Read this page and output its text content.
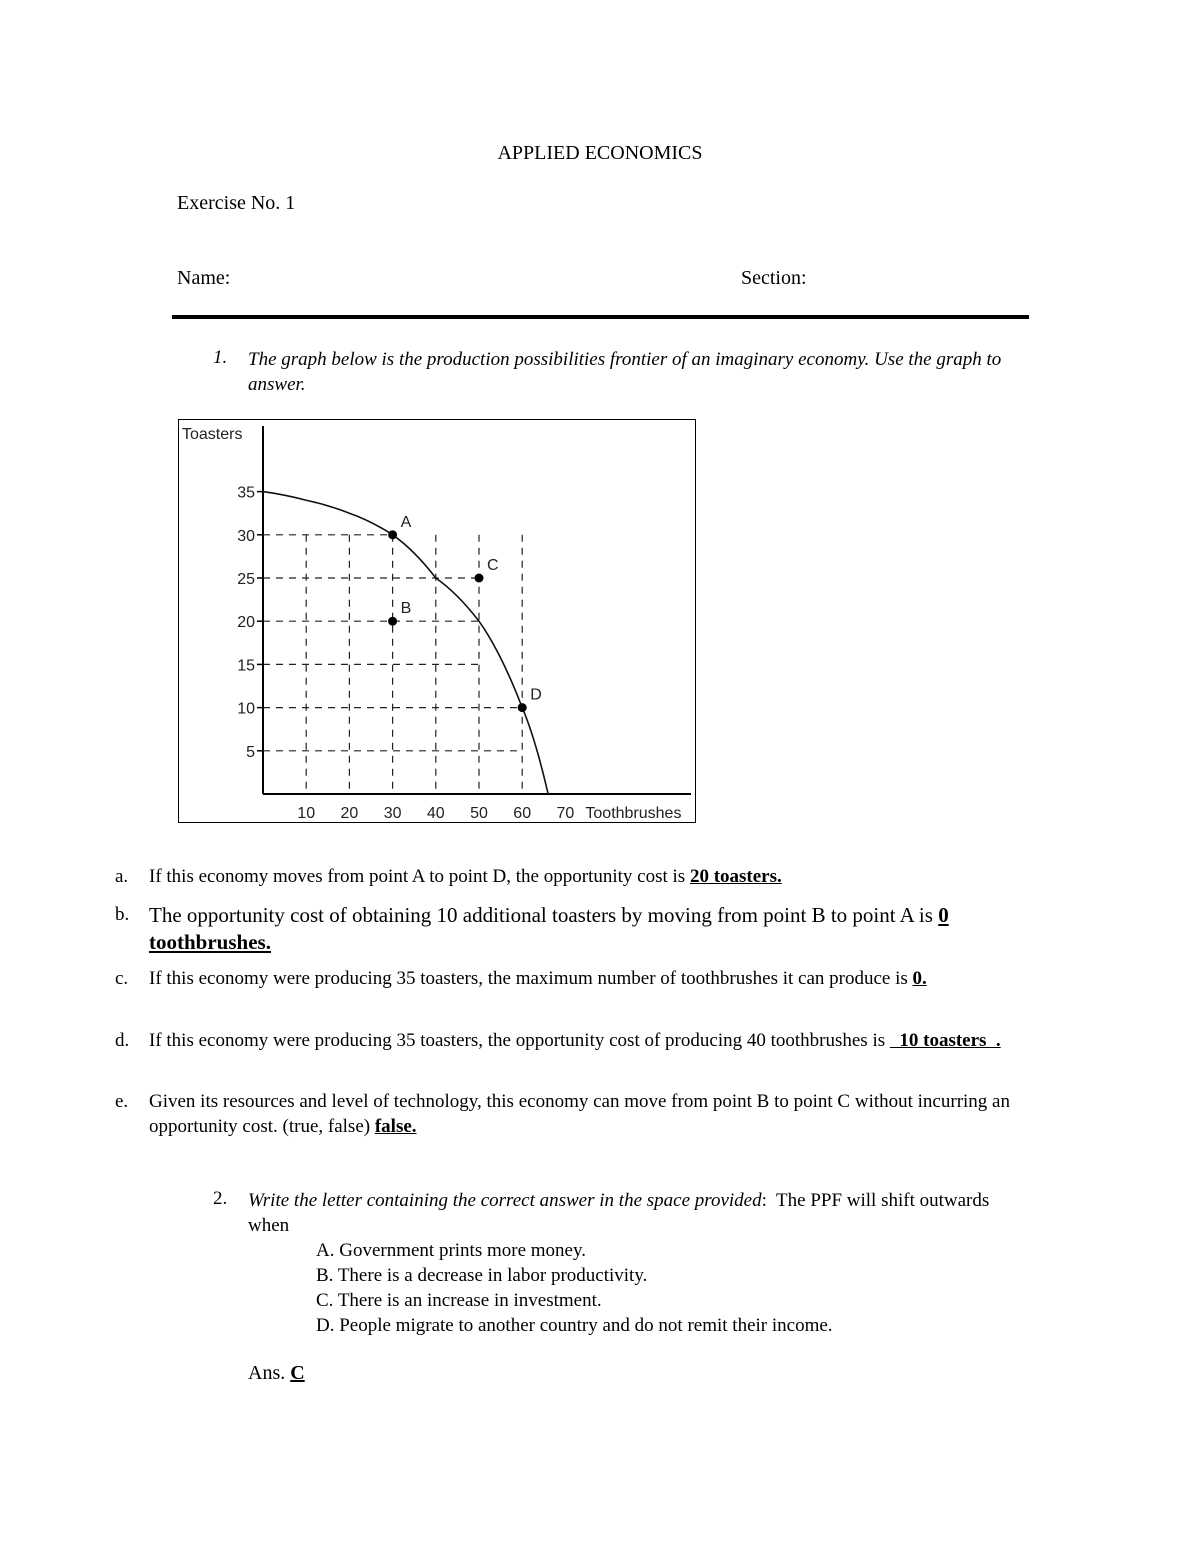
APPLIED ECONOMICS
Exercise No. 1
Name:	Section:
1. The graph below is the production possibilities frontier of an imaginary economy. Use the graph to answer.
5
10
15
20
25
30
35
10 20 30 40 50 60 70
Toasters
Toothbrushes
A
B
C
D
a. If this economy moves from point A to point D, the opportunity cost is 20 toasters.
b. The opportunity cost of obtaining 10 additional toasters by moving from point B to point A is 0 toothbrushes.
c. If this economy were producing 35 toasters, the maximum number of toothbrushes it can produce is 0.
d. If this economy were producing 35 toasters, the opportunity cost of producing 40 toothbrushes is   10 toasters  .
e. Given its resources and level of technology, this economy can move from point B to point C without incurring an opportunity cost. (true, false) false.
2. Write the letter containing the correct answer in the space provided:  The PPF will shift outwards when
A. Government prints more money.
B. There is a decrease in labor productivity.
C. There is an increase in investment.
D. People migrate to another country and do not remit their income.
Ans. C
